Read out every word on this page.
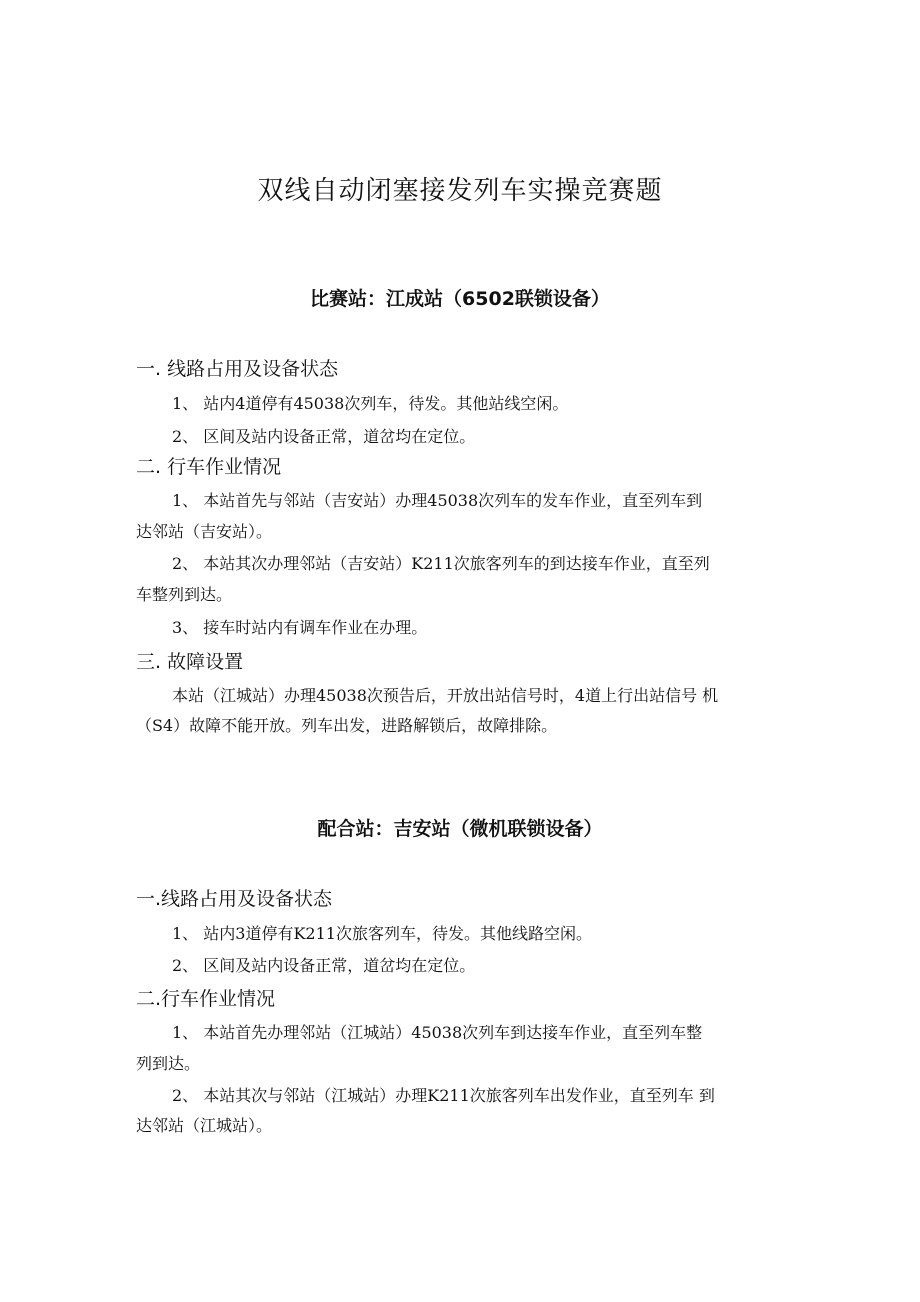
双线自动闭塞接发列车实操竞赛题
比赛站：江成站（6502联锁设备）
一. 线路占用及设备状态
1、 站内4道停有45038次列车，待发。其他站线空闲。
2、 区间及站内设备正常，道岔均在定位。
二. 行车作业情况
1、 本站首先与邻站（吉安站）办理45038次列车的发车作业，直至列车到
达邻站（吉安站）。
2、 本站其次办理邻站（吉安站）K211次旅客列车的到达接车作业，直至列
车整列到达。
3、 接车时站内有调车作业在办理。
三. 故障设置
本站（江城站）办理45038次预告后，开放出站信号时，4道上行出站信号 机
（S4）故障不能开放。列车出发，进路解锁后，故障排除。
配合站：吉安站（微机联锁设备）
一.线路占用及设备状态
1、 站内3道停有K211次旅客列车，待发。其他线路空闲。
2、 区间及站内设备正常，道岔均在定位。
二.行车作业情况
1、 本站首先办理邻站（江城站）45038次列车到达接车作业，直至列车整
列到达。
2、 本站其次与邻站（江城站）办理K211次旅客列车出发作业，直至列车 到
达邻站（江城站）。
